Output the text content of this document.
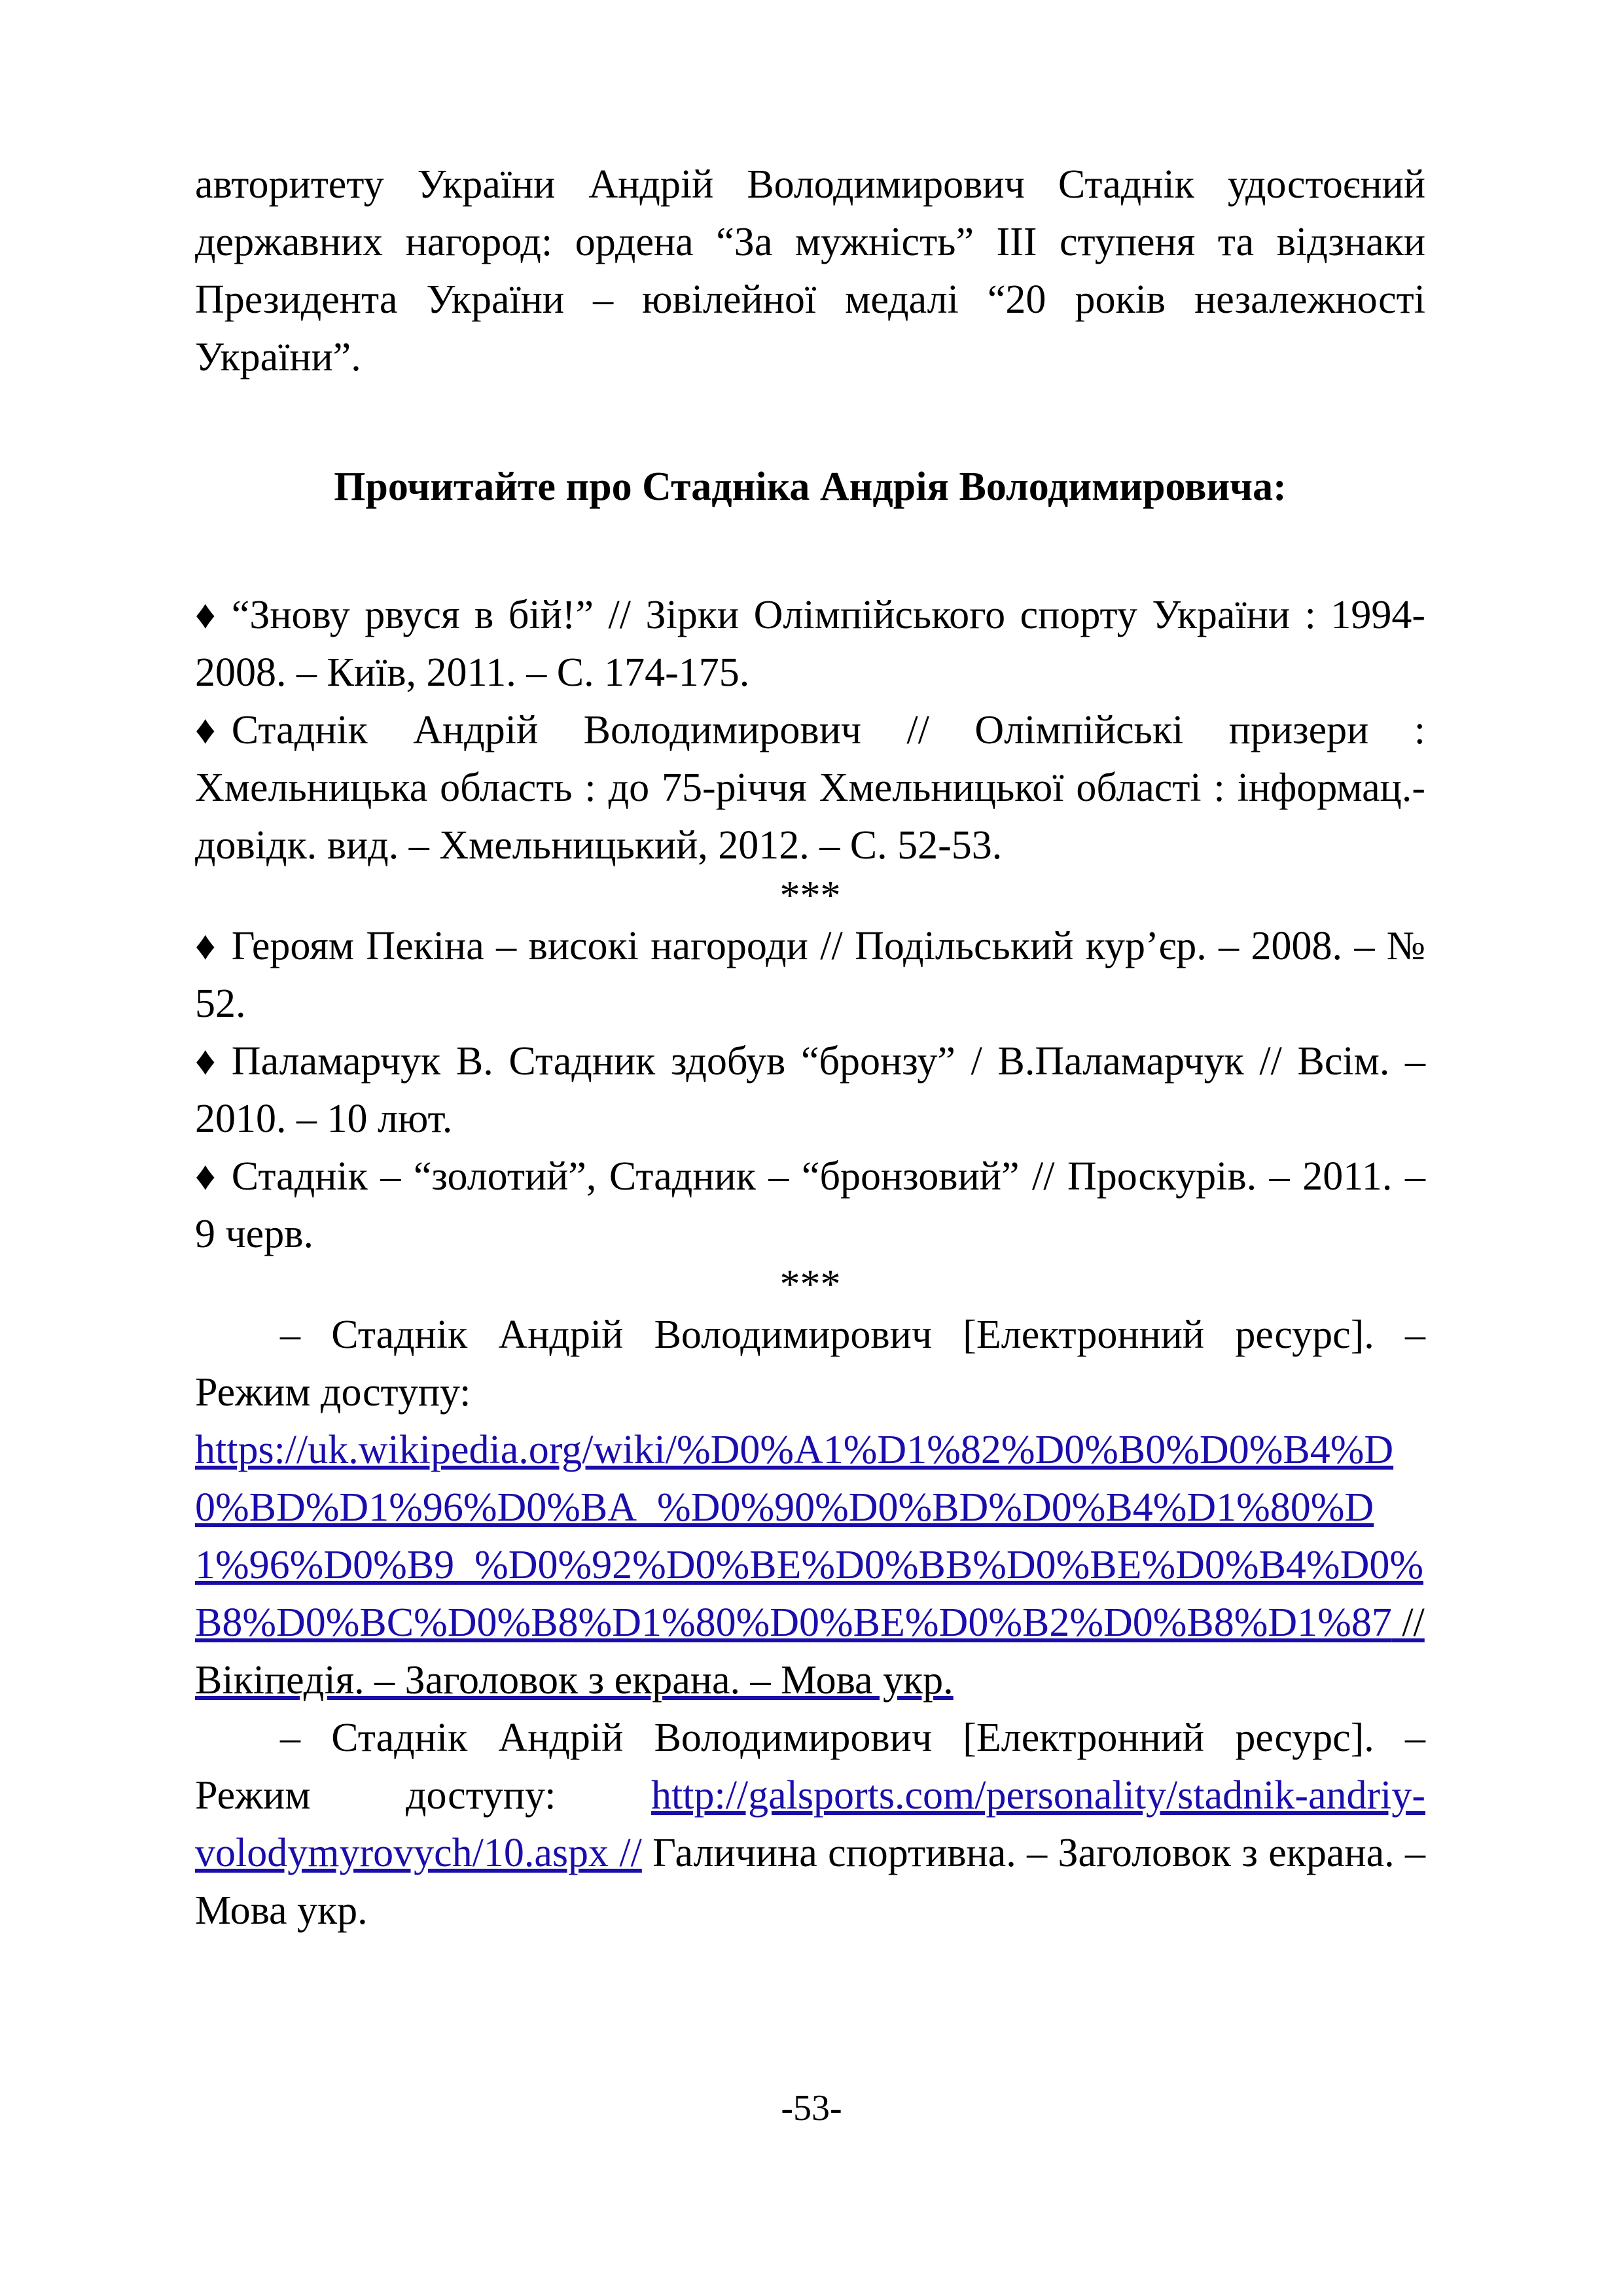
авторитету України Андрій Володимирович Стаднік удостоєний державних нагород: ордена “За мужність” ІІІ ступеня та відзнаки Президента України – ювілейної медалі “20 років незалежності України”.

Прочитайте про Стадніка Андрія Володимировича:

♦ “Знову рвуся в бій!” // Зірки Олімпійського спорту України : 1994-2008. – Київ, 2011. – С. 174-175.

♦ Стаднік Андрій Володимирович // Олімпійські призери : Хмельницька область : до 75-річчя Хмельницької області : інформац.-довідк. вид. – Хмельницький, 2012. – С. 52-53.

***

♦ Героям Пекіна – високі нагороди // Подільський кур’єр. – 2008. – № 52.

♦ Паламарчук В. Стадник здобув “бронзу” / В.Паламарчук // Всім. – 2010. – 10 лют.

♦ Стаднік – “золотий”, Стадник – “бронзовий” // Проскурів. – 2011. – 9 черв.

***

– Стаднік Андрій Володимирович [Електронний ресурс]. – Режим доступу:

https://uk.wikipedia.org/wiki/%D0%A1%D1%82%D0%B0%D0%B4%D0%BD%D1%96%D0%BA_%D0%90%D0%BD%D0%B4%D1%80%D1%96%D0%B9_%D0%92%D0%BE%D0%BB%D0%BE%D0%B4%D0%B8%D0%BC%D0%B8%D1%80%D0%BE%D0%B2%D0%B8%D1%87 // Вікіпедія. – Заголовок з екрана. – Мова укр.

– Стаднік Андрій Володимирович [Електронний ресурс]. – Режим доступу: http://galsports.com/personality/stadnik-andriy-volodymyrovych/10.aspx // Галичина спортивна. – Заголовок з екрана. – Мова укр.

-53-
